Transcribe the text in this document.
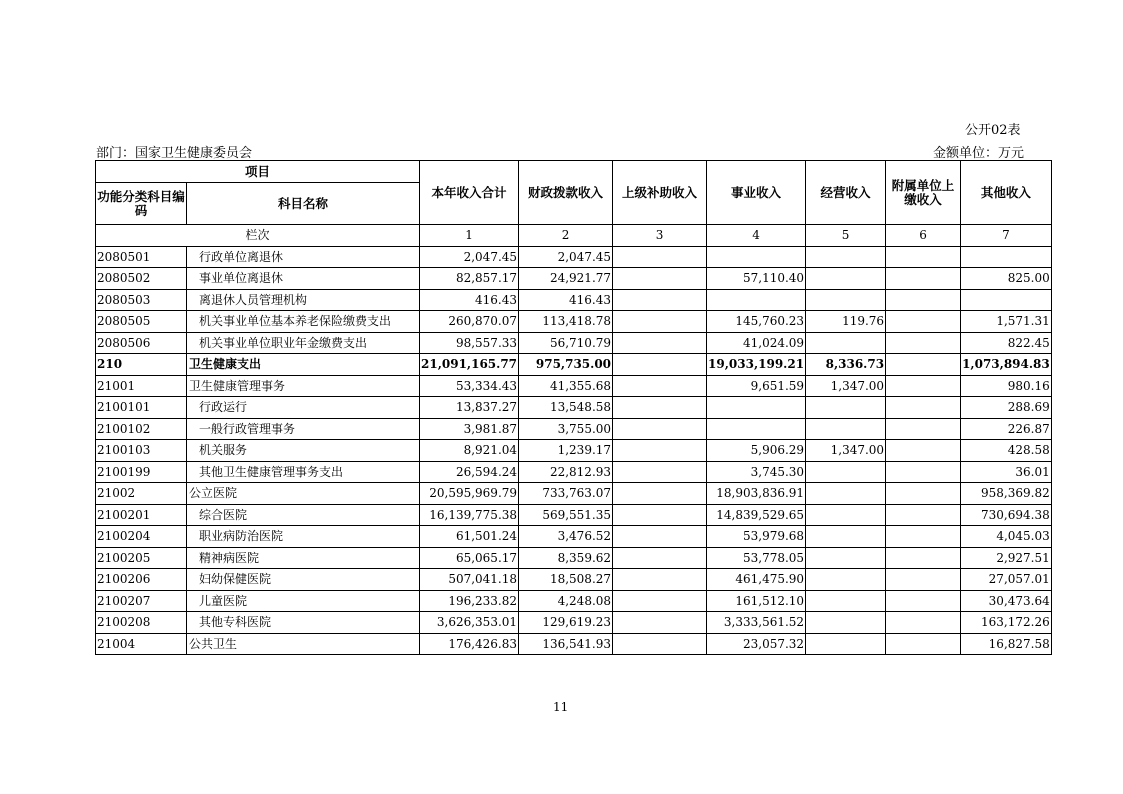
公开02表
部门：国家卫生健康委员会	金额单位：万元
项目		本年收入合计	财政拨款收入	上级补助收入	事业收入	经营收入	附属单位上缴收入	其他收入
功能分类科目编码	科目名称							
栏次		1	2	3	4	5	6	7
2080501	行政单位离退休	2,047.45	2,047.45					
2080502	事业单位离退休	82,857.17	24,921.77		57,110.40			825.00
2080503	离退休人员管理机构	416.43	416.43					
2080505	机关事业单位基本养老保险缴费支出	260,870.07	113,418.78		145,760.23	119.76		1,571.31
2080506	机关事业单位职业年金缴费支出	98,557.33	56,710.79		41,024.09			822.45
210	卫生健康支出	21,091,165.77	975,735.00		19,033,199.21	8,336.73		1,073,894.83
21001	卫生健康管理事务	53,334.43	41,355.68		9,651.59	1,347.00		980.16
2100101	行政运行	13,837.27	13,548.58					288.69
2100102	一般行政管理事务	3,981.87	3,755.00					226.87
2100103	机关服务	8,921.04	1,239.17		5,906.29	1,347.00		428.58
2100199	其他卫生健康管理事务支出	26,594.24	22,812.93		3,745.30			36.01
21002	公立医院	20,595,969.79	733,763.07		18,903,836.91			958,369.82
2100201	综合医院	16,139,775.38	569,551.35		14,839,529.65			730,694.38
2100204	职业病防治医院	61,501.24	3,476.52		53,979.68			4,045.03
2100205	精神病医院	65,065.17	8,359.62		53,778.05			2,927.51
2100206	妇幼保健医院	507,041.18	18,508.27		461,475.90			27,057.01
2100207	儿童医院	196,233.82	4,248.08		161,512.10			30,473.64
2100208	其他专科医院	3,626,353.01	129,619.23		3,333,561.52			163,172.26
21004	公共卫生	176,426.83	136,541.93		23,057.32			16,827.58
11
